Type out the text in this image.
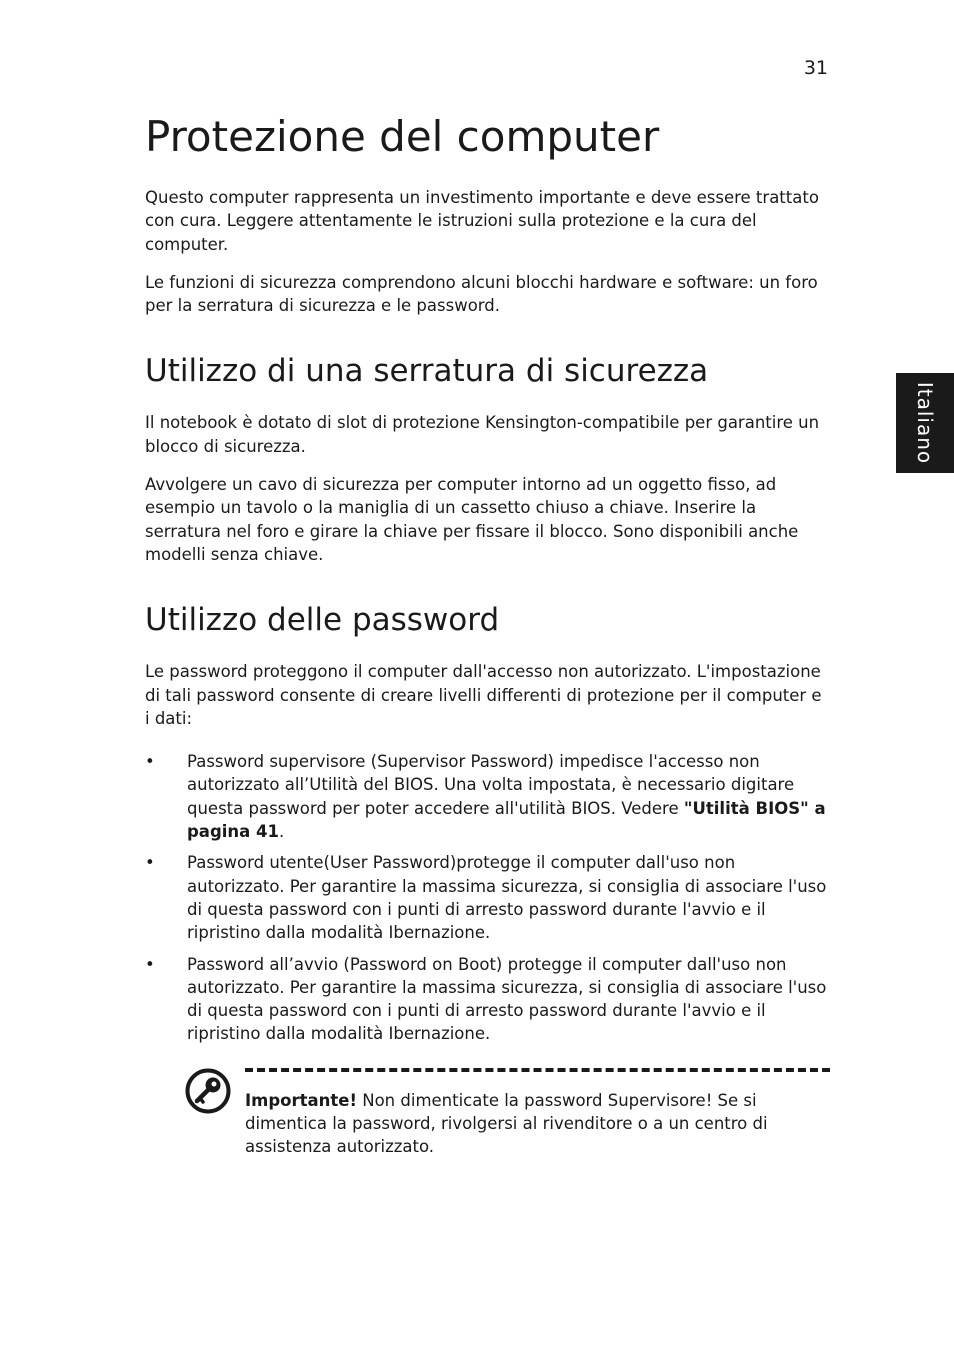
31
Italiano
Protezione del computer

Questo computer rappresenta un investimento importante e deve essere trattato con cura. Leggere attentamente le istruzioni sulla protezione e la cura del computer.

Le funzioni di sicurezza comprendono alcuni blocchi hardware e software: un foro per la serratura di sicurezza e le password.

Utilizzo di una serratura di sicurezza

Il notebook è dotato di slot di protezione Kensington-compatibile per garantire un blocco di sicurezza.

Avvolgere un cavo di sicurezza per computer intorno ad un oggetto fisso, ad esempio un tavolo o la maniglia di un cassetto chiuso a chiave. Inserire la serratura nel foro e girare la chiave per fissare il blocco. Sono disponibili anche modelli senza chiave.

Utilizzo delle password

Le password proteggono il computer dall'accesso non autorizzato. L'impostazione di tali password consente di creare livelli differenti di protezione per il computer e i dati:

• Password supervisore (Supervisor Password) impedisce l'accesso non autorizzato all’Utilità del BIOS. Una volta impostata, è necessario digitare questa password per poter accedere all'utilità BIOS. Vedere "Utilità BIOS" a pagina 41.
• Password utente(User Password)protegge il computer dall'uso non autorizzato. Per garantire la massima sicurezza, si consiglia di associare l'uso di questa password con i punti di arresto password durante l'avvio e il ripristino dalla modalità Ibernazione.
• Password all’avvio (Password on Boot) protegge il computer dall'uso non autorizzato. Per garantire la massima sicurezza, si consiglia di associare l'uso di questa password con i punti di arresto password durante l'avvio e il ripristino dalla modalità Ibernazione.
Importante! Non dimenticate la password Supervisore! Se si dimentica la password, rivolgersi al rivenditore o a un centro di assistenza autorizzato.
